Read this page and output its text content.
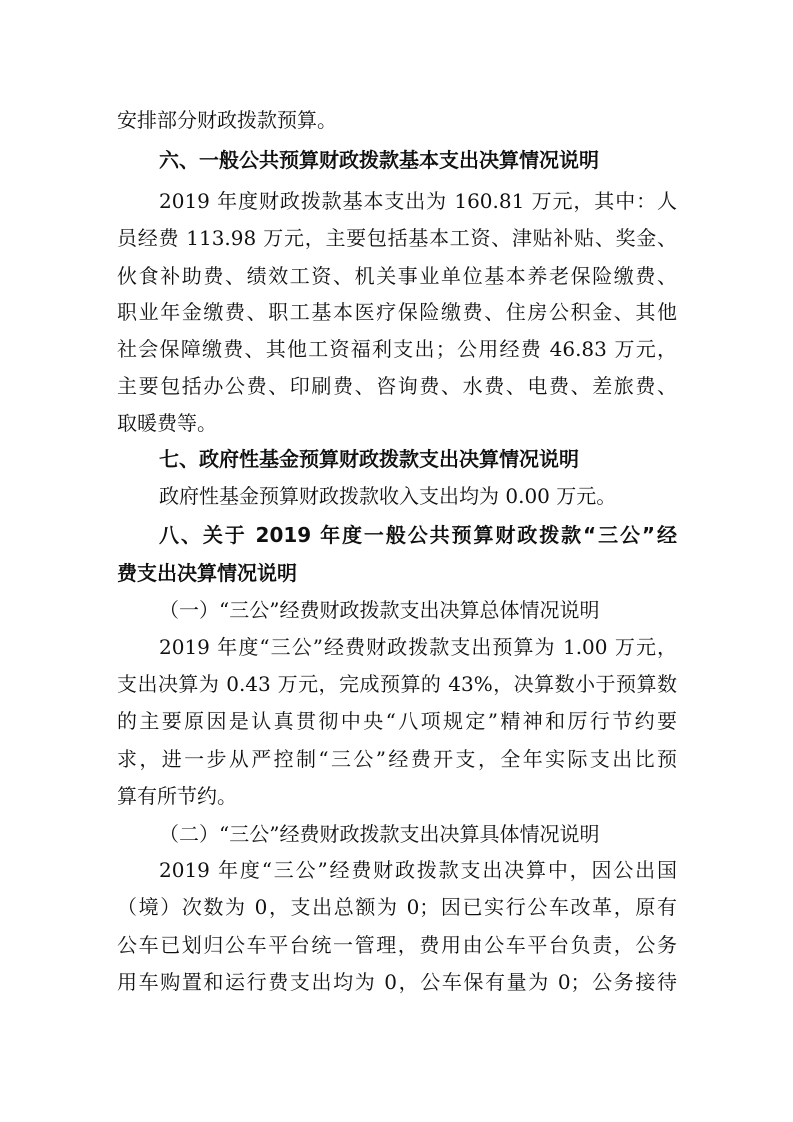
安排部分财政拨款预算。
六、一般公共预算财政拨款基本支出决算情况说明
2019 年度财政拨款基本支出为 160.81 万元，其中：人
员经费 113.98 万元，主要包括基本工资、津贴补贴、奖金、
伙食补助费、绩效工资、机关事业单位基本养老保险缴费、
职业年金缴费、职工基本医疗保险缴费、住房公积金、其他
社会保障缴费、其他工资福利支出；公用经费 46.83 万元，
主要包括办公费、印刷费、咨询费、水费、电费、差旅费、
取暖费等。
七、政府性基金预算财政拨款支出决算情况说明
政府性基金预算财政拨款收入支出均为 0.00 万元。
八、关于 2019 年度一般公共预算财政拨款“三公”经
费支出决算情况说明
（一）“三公”经费财政拨款支出决算总体情况说明
2019 年度“三公”经费财政拨款支出预算为 1.00 万元，
支出决算为 0.43 万元，完成预算的 43%，决算数小于预算数
的主要原因是认真贯彻中央“八项规定”精神和厉行节约要
求，进一步从严控制“三公”经费开支，全年实际支出比预
算有所节约。
（二）“三公”经费财政拨款支出决算具体情况说明
2019 年度“三公”经费财政拨款支出决算中，因公出国
（境）次数为 0，支出总额为 0；因已实行公车改革，原有
公车已划归公车平台统一管理，费用由公车平台负责，公务
用车购置和运行费支出均为 0，公车保有量为 0；公务接待
